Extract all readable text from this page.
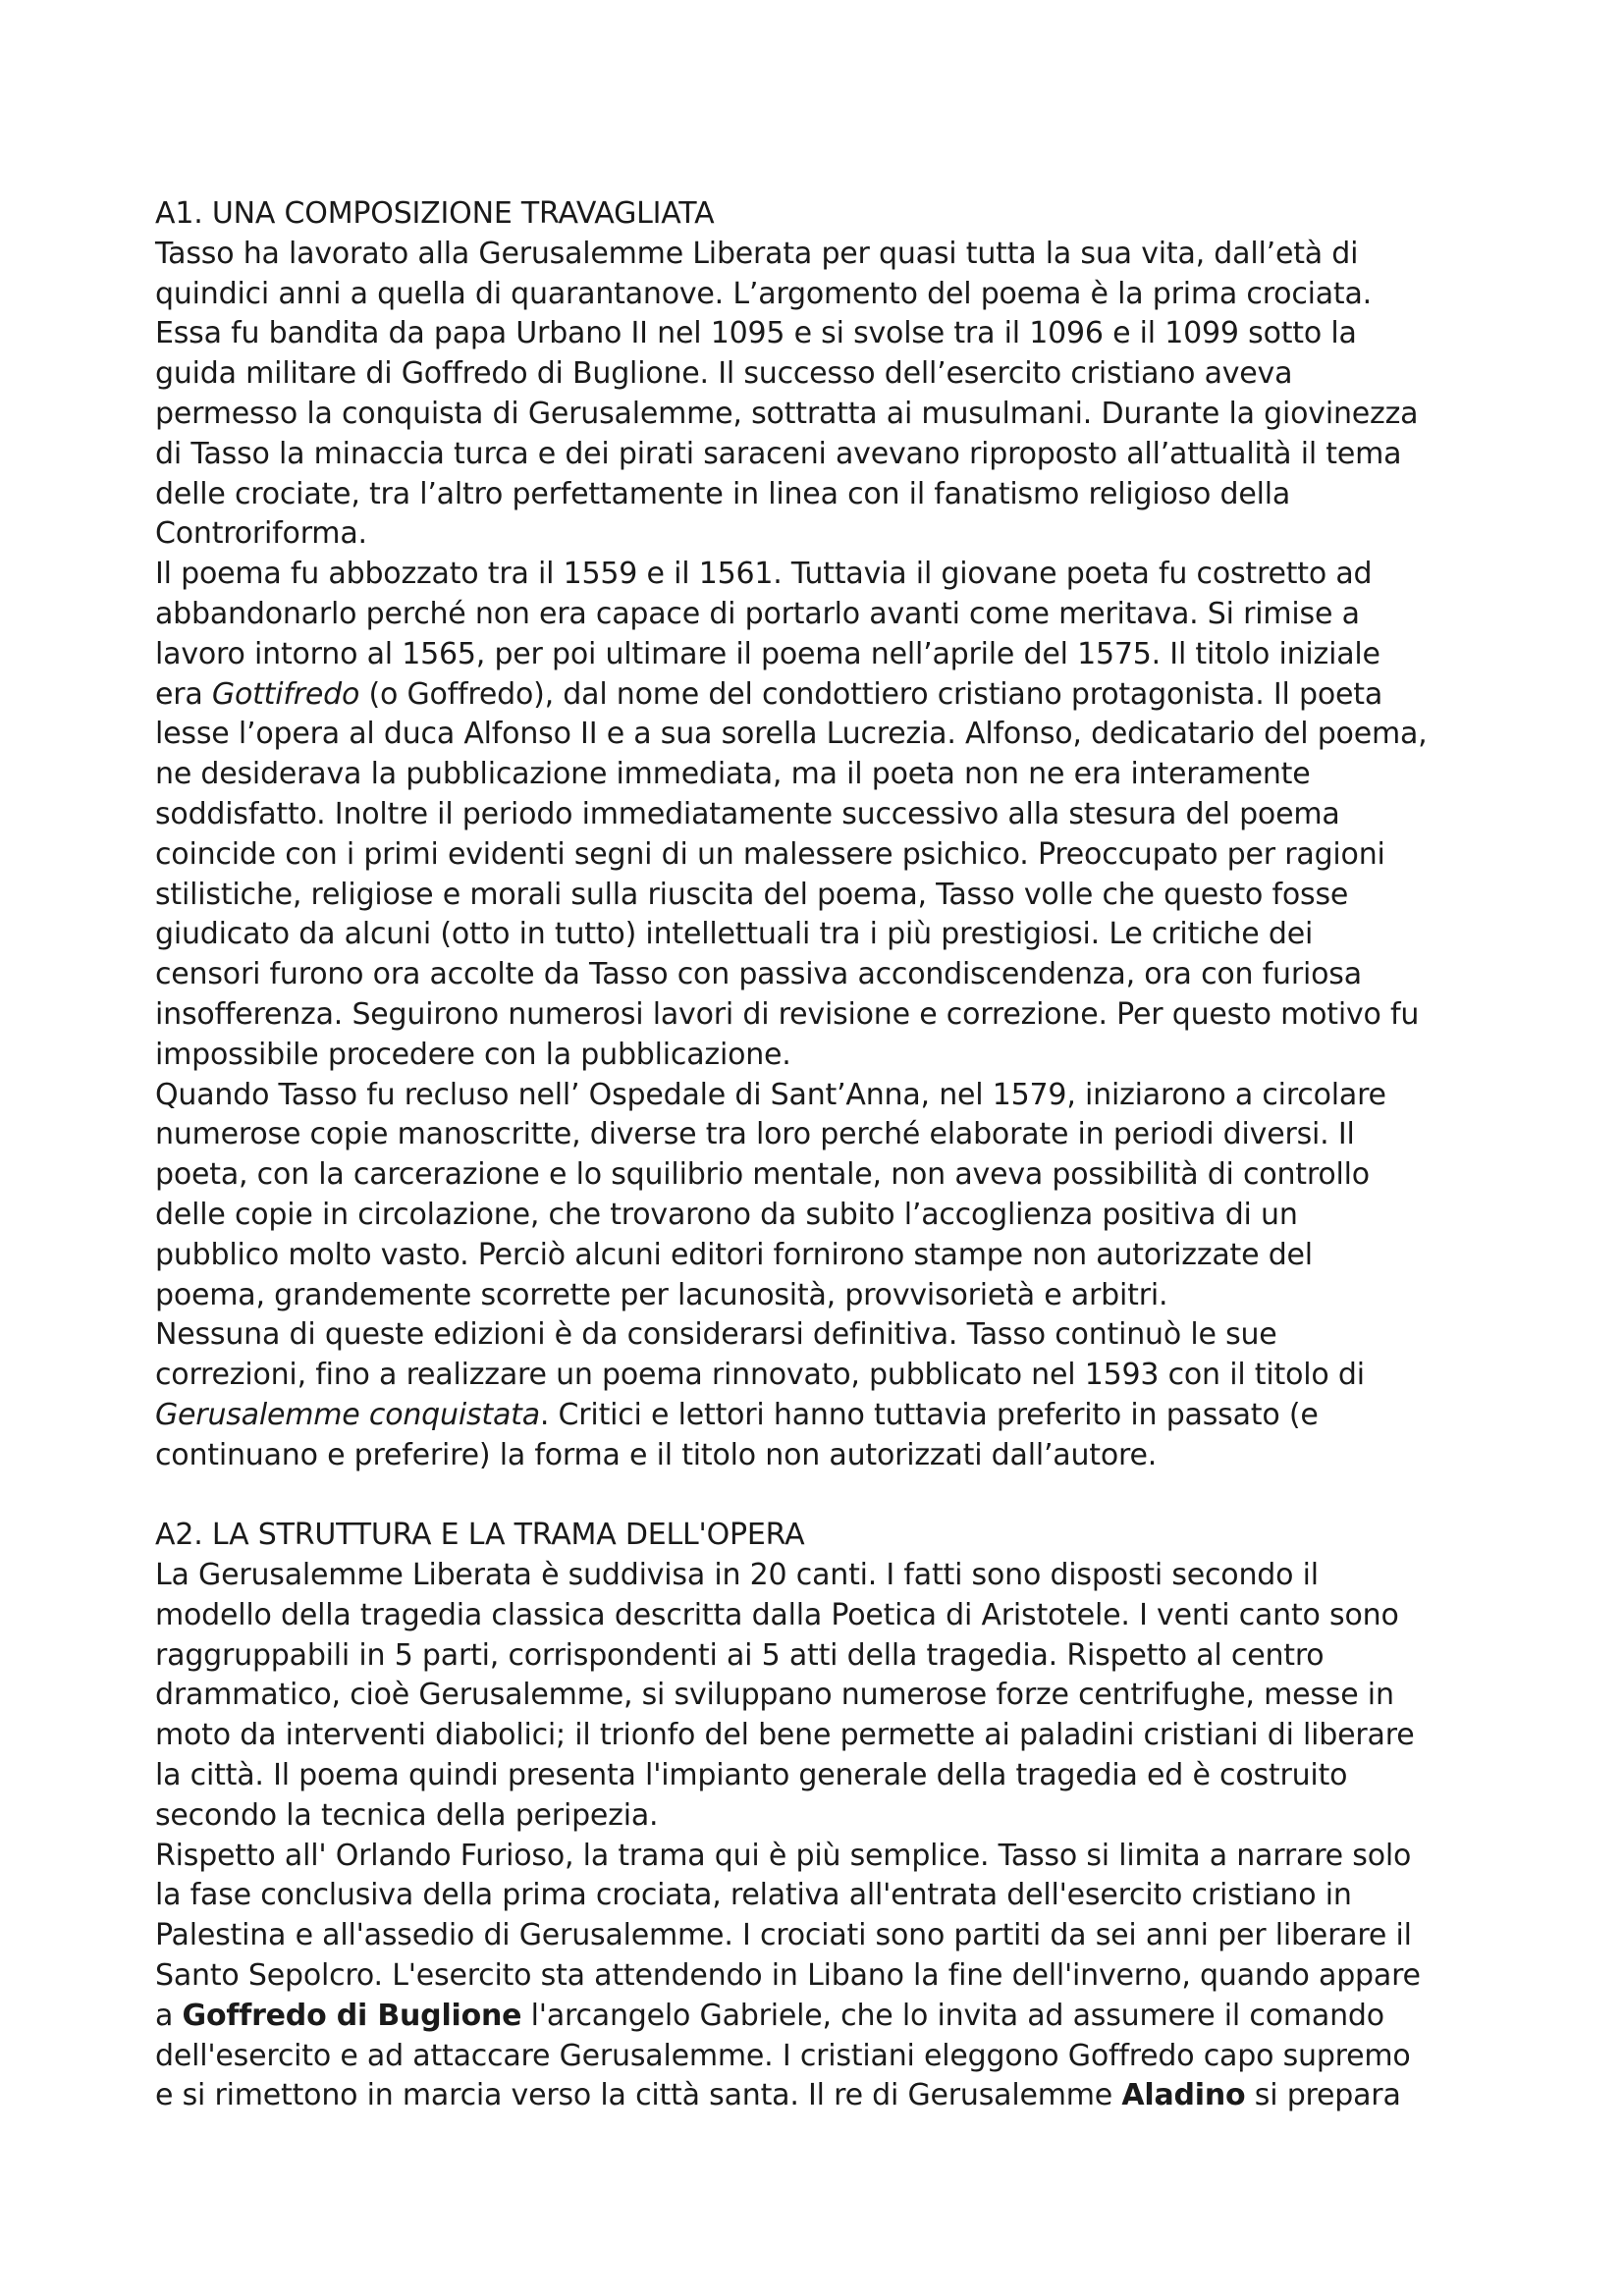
A1. UNA COMPOSIZIONE TRAVAGLIATA

Tasso ha lavorato alla Gerusalemme Liberata per quasi tutta la sua vita, dall’età di
quindici anni a quella di quarantanove. L’argomento del poema è la prima crociata.
Essa fu bandita da papa Urbano II nel 1095 e si svolse tra il 1096 e il 1099 sotto la
guida militare di Goffredo di Buglione. Il successo dell’esercito cristiano aveva
permesso la conquista di Gerusalemme, sottratta ai musulmani. Durante la giovinezza
di Tasso la minaccia turca e dei pirati saraceni avevano riproposto all’attualità il tema
delle crociate, tra l’altro perfettamente in linea con il fanatismo religioso della
Controriforma.

Il poema fu abbozzato tra il 1559 e il 1561. Tuttavia il giovane poeta fu costretto ad
abbandonarlo perché non era capace di portarlo avanti come meritava. Si rimise a
lavoro intorno al 1565, per poi ultimare il poema nell’aprile del 1575. Il titolo iniziale
era Gottifredo (o Goffredo), dal nome del condottiero cristiano protagonista. Il poeta
lesse l’opera al duca Alfonso II e a sua sorella Lucrezia. Alfonso, dedicatario del poema,
ne desiderava la pubblicazione immediata, ma il poeta non ne era interamente
soddisfatto. Inoltre il periodo immediatamente successivo alla stesura del poema
coincide con i primi evidenti segni di un malessere psichico. Preoccupato per ragioni
stilistiche, religiose e morali sulla riuscita del poema, Tasso volle che questo fosse
giudicato da alcuni (otto in tutto) intellettuali tra i più prestigiosi. Le critiche dei
censori furono ora accolte da Tasso con passiva accondiscendenza, ora con furiosa
insofferenza. Seguirono numerosi lavori di revisione e correzione. Per questo motivo fu
impossibile procedere con la pubblicazione.

Quando Tasso fu recluso nell’ Ospedale di Sant’Anna, nel 1579, iniziarono a circolare
numerose copie manoscritte, diverse tra loro perché elaborate in periodi diversi. Il
poeta, con la carcerazione e lo squilibrio mentale, non aveva possibilità di controllo
delle copie in circolazione, che trovarono da subito l’accoglienza positiva di un
pubblico molto vasto. Perciò alcuni editori fornirono stampe non autorizzate del
poema, grandemente scorrette per lacunosità, provvisorietà e arbitri.

Nessuna di queste edizioni è da considerarsi definitiva. Tasso continuò le sue
correzioni, fino a realizzare un poema rinnovato, pubblicato nel 1593 con il titolo di
Gerusalemme conquistata. Critici e lettori hanno tuttavia preferito in passato (e
continuano e preferire) la forma e il titolo non autorizzati dall’autore.

A2. LA STRUTTURA E LA TRAMA DELL'OPERA

La Gerusalemme Liberata è suddivisa in 20 canti. I fatti sono disposti secondo il
modello della tragedia classica descritta dalla Poetica di Aristotele. I venti canto sono
raggruppabili in 5 parti, corrispondenti ai 5 atti della tragedia. Rispetto al centro
drammatico, cioè Gerusalemme, si sviluppano numerose forze centrifughe, messe in
moto da interventi diabolici; il trionfo del bene permette ai paladini cristiani di liberare
la città. Il poema quindi presenta l'impianto generale della tragedia ed è costruito
secondo la tecnica della peripezia.

Rispetto all' Orlando Furioso, la trama qui è più semplice. Tasso si limita a narrare solo
la fase conclusiva della prima crociata, relativa all'entrata dell'esercito cristiano in
Palestina e all'assedio di Gerusalemme. I crociati sono partiti da sei anni per liberare il
Santo Sepolcro. L'esercito sta attendendo in Libano la fine dell'inverno, quando appare
a Goffredo di Buglione l'arcangelo Gabriele, che lo invita ad assumere il comando
dell'esercito e ad attaccare Gerusalemme. I cristiani eleggono Goffredo capo supremo
e si rimettono in marcia verso la città santa. Il re di Gerusalemme Aladino si prepara
